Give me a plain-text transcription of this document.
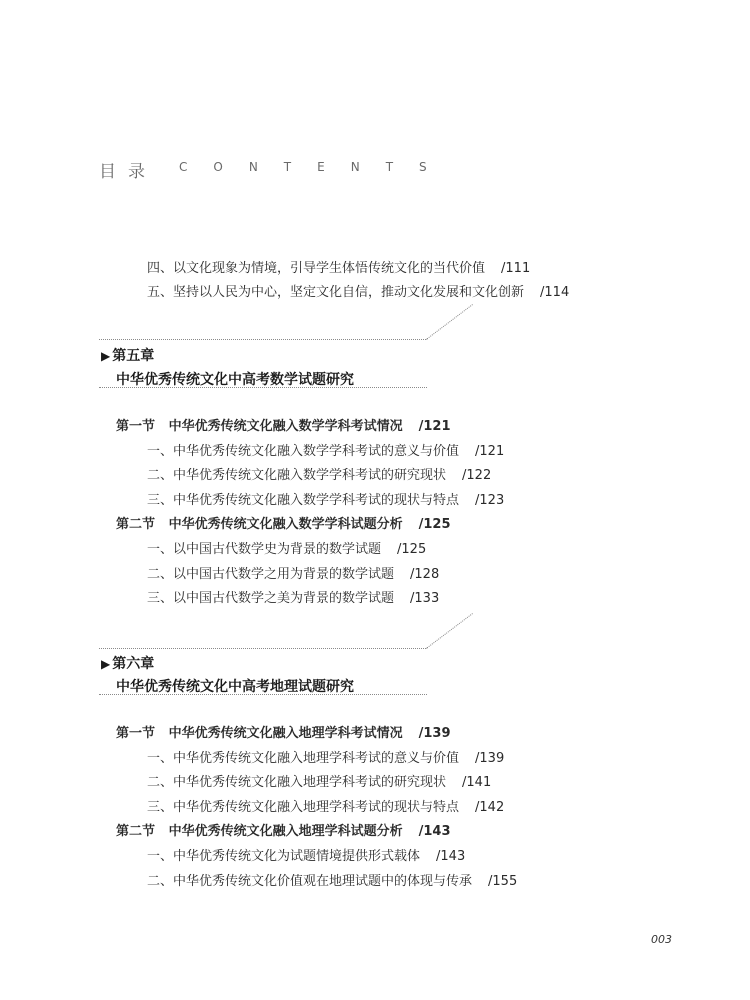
目录 CONTENTS
四、以文化现象为情境，引导学生体悟传统文化的当代价值 /111
五、坚持以人民为中心，坚定文化自信，推动文化发展和文化创新 /114
▶ 第五章
中华优秀传统文化中高考数学试题研究
第一节 中华优秀传统文化融入数学学科考试情况 /121
一、中华优秀传统文化融入数学学科考试的意义与价值 /121
二、中华优秀传统文化融入数学学科考试的研究现状 /122
三、中华优秀传统文化融入数学学科考试的现状与特点 /123
第二节 中华优秀传统文化融入数学学科试题分析 /125
一、以中国古代数学史为背景的数学试题 /125
二、以中国古代数学之用为背景的数学试题 /128
三、以中国古代数学之美为背景的数学试题 /133
▶ 第六章
中华优秀传统文化中高考地理试题研究
第一节 中华优秀传统文化融入地理学科考试情况 /139
一、中华优秀传统文化融入地理学科考试的意义与价值 /139
二、中华优秀传统文化融入地理学科考试的研究现状 /141
三、中华优秀传统文化融入地理学科考试的现状与特点 /142
第二节 中华优秀传统文化融入地理学科试题分析 /143
一、中华优秀传统文化为试题情境提供形式载体 /143
二、中华优秀传统文化价值观在地理试题中的体现与传承 /155
003
